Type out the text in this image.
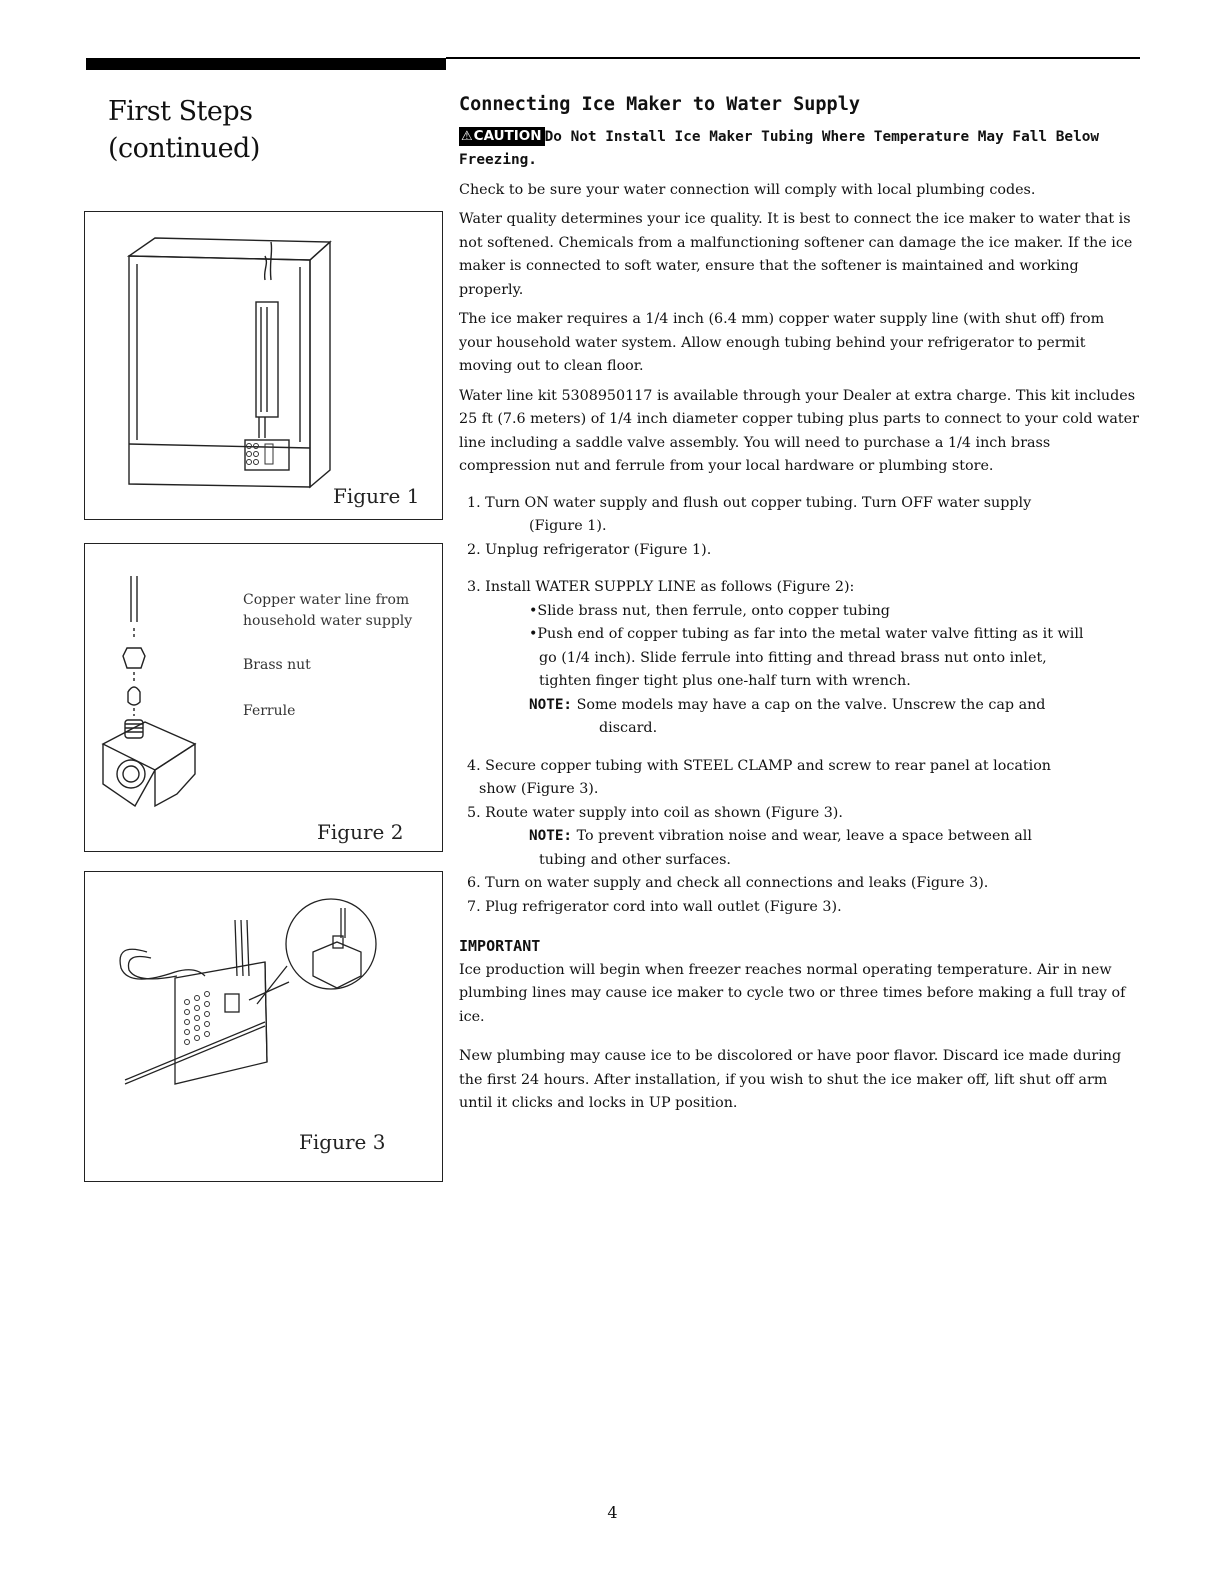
First Steps
(continued)
Figure 1
Copper water line from
household water supply
Brass nut
Ferrule
Figure 2
Figure 3
Connecting Ice Maker to Water Supply

⚠CAUTION Do Not Install Ice Maker Tubing Where Temperature May Fall Below Freezing.

Check to be sure your water connection will comply with local plumbing codes.

Water quality determines your ice quality. It is best to connect the ice maker to water that is not softened. Chemicals from a malfunctioning softener can damage the ice maker. If the ice maker is connected to soft water, ensure that the softener is maintained and working properly.

The ice maker requires a 1/4 inch (6.4 mm) copper water supply line (with shut off) from your household water system. Allow enough tubing behind your refrigerator to permit moving out to clean floor.

Water line kit 5308950117 is available through your Dealer at extra charge. This kit includes 25 ft (7.6 meters) of 1/4 inch diameter copper tubing plus parts to connect to your cold water line including a saddle valve assembly. You will need to purchase a 1/4 inch brass compression nut and ferrule from your local hardware or plumbing store.

1. Turn ON water supply and flush out copper tubing. Turn OFF water supply
(Figure 1).
2. Unplug refrigerator (Figure 1).
3. Install WATER SUPPLY LINE as follows (Figure 2):
•Slide brass nut, then ferrule, onto copper tubing
•Push end of copper tubing as far into the metal water valve fitting as it will
go (1/4 inch). Slide ferrule into fitting and thread brass nut onto inlet,
tighten finger tight plus one-half turn with wrench.
NOTE: Some models may have a cap on the valve. Unscrew the cap and
discard.
4. Secure copper tubing with STEEL CLAMP and screw to rear panel at location
show (Figure 3).
5. Route water supply into coil as shown (Figure 3).
NOTE: To prevent vibration noise and wear, leave a space between all
tubing and other surfaces.
6. Turn on water supply and check all connections and leaks (Figure 3).
7. Plug refrigerator cord into wall outlet (Figure 3).
IMPORTANT

Ice production will begin when freezer reaches normal operating temperature. Air in new plumbing lines may cause ice maker to cycle two or three times before making a full tray of ice.

New plumbing may cause ice to be discolored or have poor flavor. Discard ice made during the first 24 hours. After installation, if you wish to shut the ice maker off, lift shut off arm until it clicks and locks in UP position.

4
